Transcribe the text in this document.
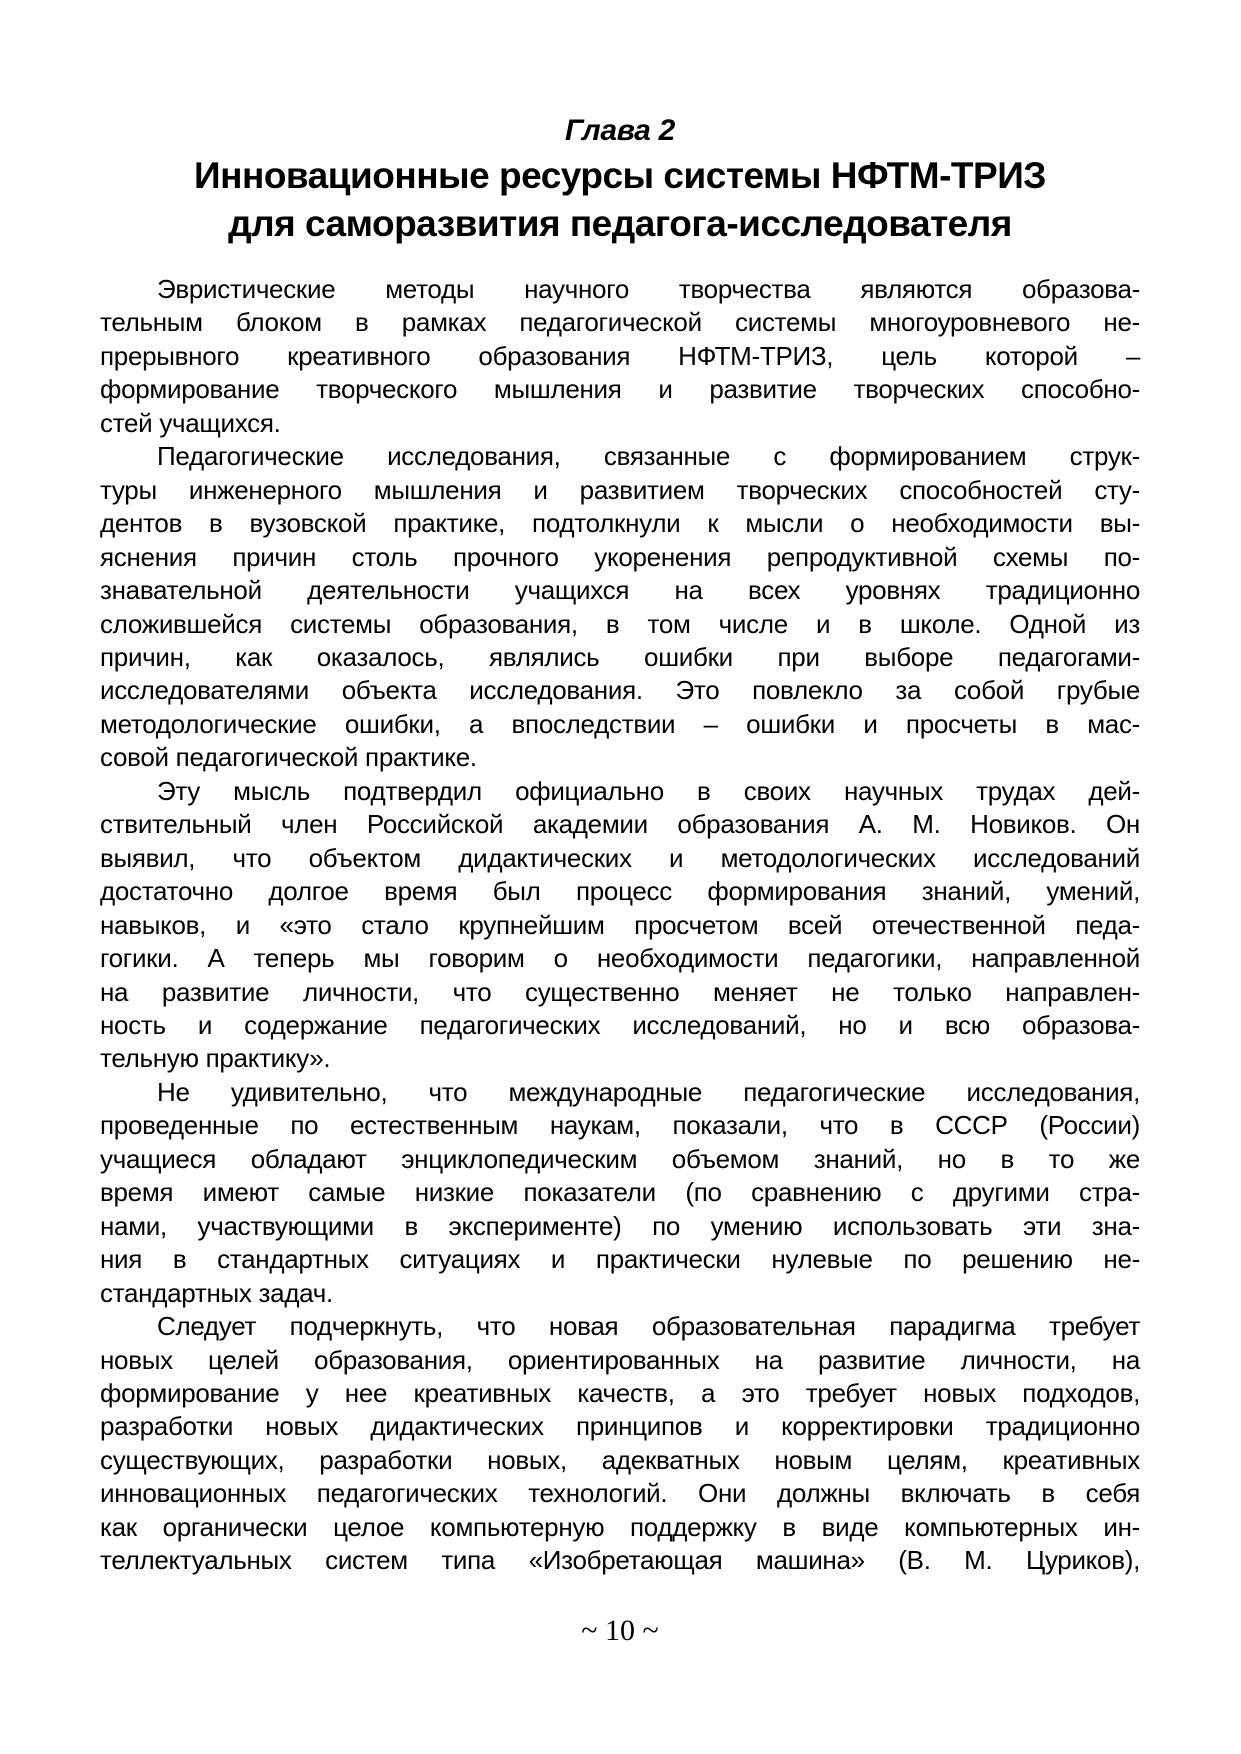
Глава 2
Инновационные ресурсы системы НФТМ-ТРИЗ
для саморазвития педагога-исследователя
Эвристические методы научного творчества являются образова-
тельным блоком в рамках педагогической системы многоуровневого не-
прерывного креативного образования НФТМ-ТРИЗ, цель которой –
формирование творческого мышления и развитие творческих способно-
стей учащихся.
Педагогические исследования, связанные с формированием струк-
туры инженерного мышления и развитием творческих способностей сту-
дентов в вузовской практике, подтолкнули к мысли о необходимости вы-
яснения причин столь прочного укоренения репродуктивной схемы по-
знавательной деятельности учащихся на всех уровнях традиционно
сложившейся системы образования, в том числе и в школе. Одной из
причин, как оказалось, являлись ошибки при выборе педагогами-
исследователями объекта исследования. Это повлекло за собой грубые
методологические ошибки, а впоследствии – ошибки и просчеты в мас-
совой педагогической практике.
Эту мысль подтвердил официально в своих научных трудах дей-
ствительный член Российской академии образования А. М. Новиков. Он
выявил, что объектом дидактических и методологических исследований
достаточно долгое время был процесс формирования знаний, умений,
навыков, и «это стало крупнейшим просчетом всей отечественной педа-
гогики. А теперь мы говорим о необходимости педагогики, направленной
на развитие личности, что существенно меняет не только направлен-
ность и содержание педагогических исследований, но и всю образова-
тельную практику».
Не удивительно, что международные педагогические исследования,
проведенные по естественным наукам, показали, что в СССР (России)
учащиеся обладают энциклопедическим объемом знаний, но в то же
время имеют самые низкие показатели (по сравнению с другими стра-
нами, участвующими в эксперименте) по умению использовать эти зна-
ния в стандартных ситуациях и практически нулевые по решению не-
стандартных задач.
Следует подчеркнуть, что новая образовательная парадигма требует
новых целей образования, ориентированных на развитие личности, на
формирование у нее креативных качеств, а это требует новых подходов,
разработки новых дидактических принципов и корректировки традиционно
существующих, разработки новых, адекватных новым целям, креативных
инновационных педагогических технологий. Они должны включать в себя
как органически целое компьютерную поддержку в виде компьютерных ин-
теллектуальных систем типа «Изобретающая машина» (В. М. Цуриков),
~ 10 ~
